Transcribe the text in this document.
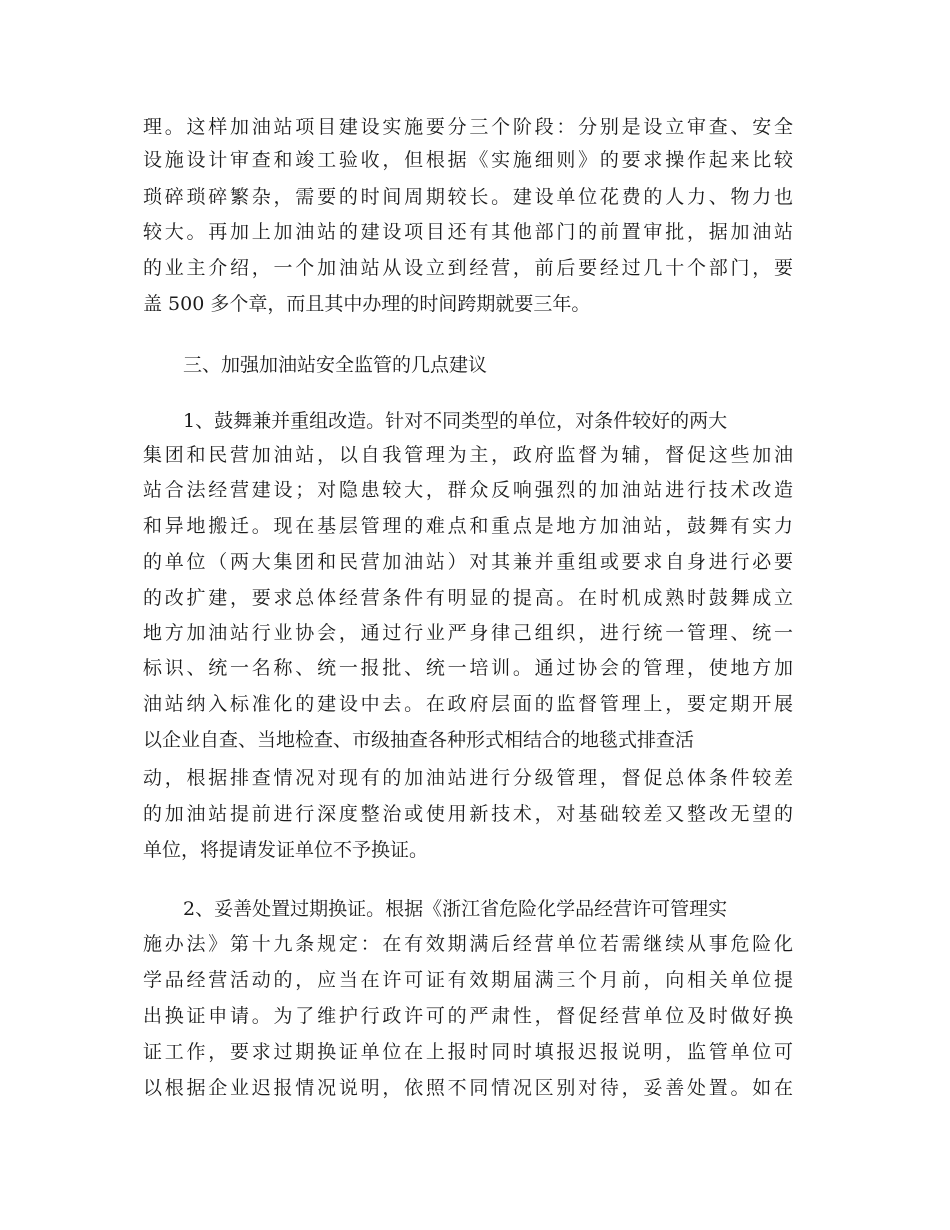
理。这样加油站项目建设实施要分三个阶段：分别是设立审查、安全

设施设计审查和竣工验收，但根据《实施细则》的要求操作起来比较

琐碎琐碎繁杂，需要的时间周期较长。建设单位花费的人力、物力也

较大。再加上加油站的建设项目还有其他部门的前置审批，据加油站

的业主介绍，一个加油站从设立到经营，前后要经过几十个部门，要

盖 500 多个章，而且其中办理的时间跨期就要三年。

三、加强加油站安全监管的几点建议

1、鼓舞兼并重组改造。针对不同类型的单位，对条件较好的两大

集团和民营加油站，以自我管理为主，政府监督为辅，督促这些加油

站合法经营建设；对隐患较大，群众反响强烈的加油站进行技术改造

和异地搬迁。现在基层管理的难点和重点是地方加油站，鼓舞有实力

的单位（两大集团和民营加油站）对其兼并重组或要求自身进行必要

的改扩建，要求总体经营条件有明显的提高。在时机成熟时鼓舞成立

地方加油站行业协会，通过行业严身律己组织，进行统一管理、统一

标识、统一名称、统一报批、统一培训。通过协会的管理，使地方加

油站纳入标准化的建设中去。在政府层面的监督管理上，要定期开展

以企业自查、当地检查、市级抽查各种形式相结合的地毯式排查活

动，根据排查情况对现有的加油站进行分级管理，督促总体条件较差

的加油站提前进行深度整治或使用新技术，对基础较差又整改无望的

单位，将提请发证单位不予换证。

2、妥善处置过期换证。根据《浙江省危险化学品经营许可管理实

施办法》第十九条规定：在有效期满后经营单位若需继续从事危险化

学品经营活动的，应当在许可证有效期届满三个月前，向相关单位提

出换证申请。为了维护行政许可的严肃性，督促经营单位及时做好换

证工作，要求过期换证单位在上报时同时填报迟报说明，监管单位可

以根据企业迟报情况说明，依照不同情况区别对待，妥善处置。如在
